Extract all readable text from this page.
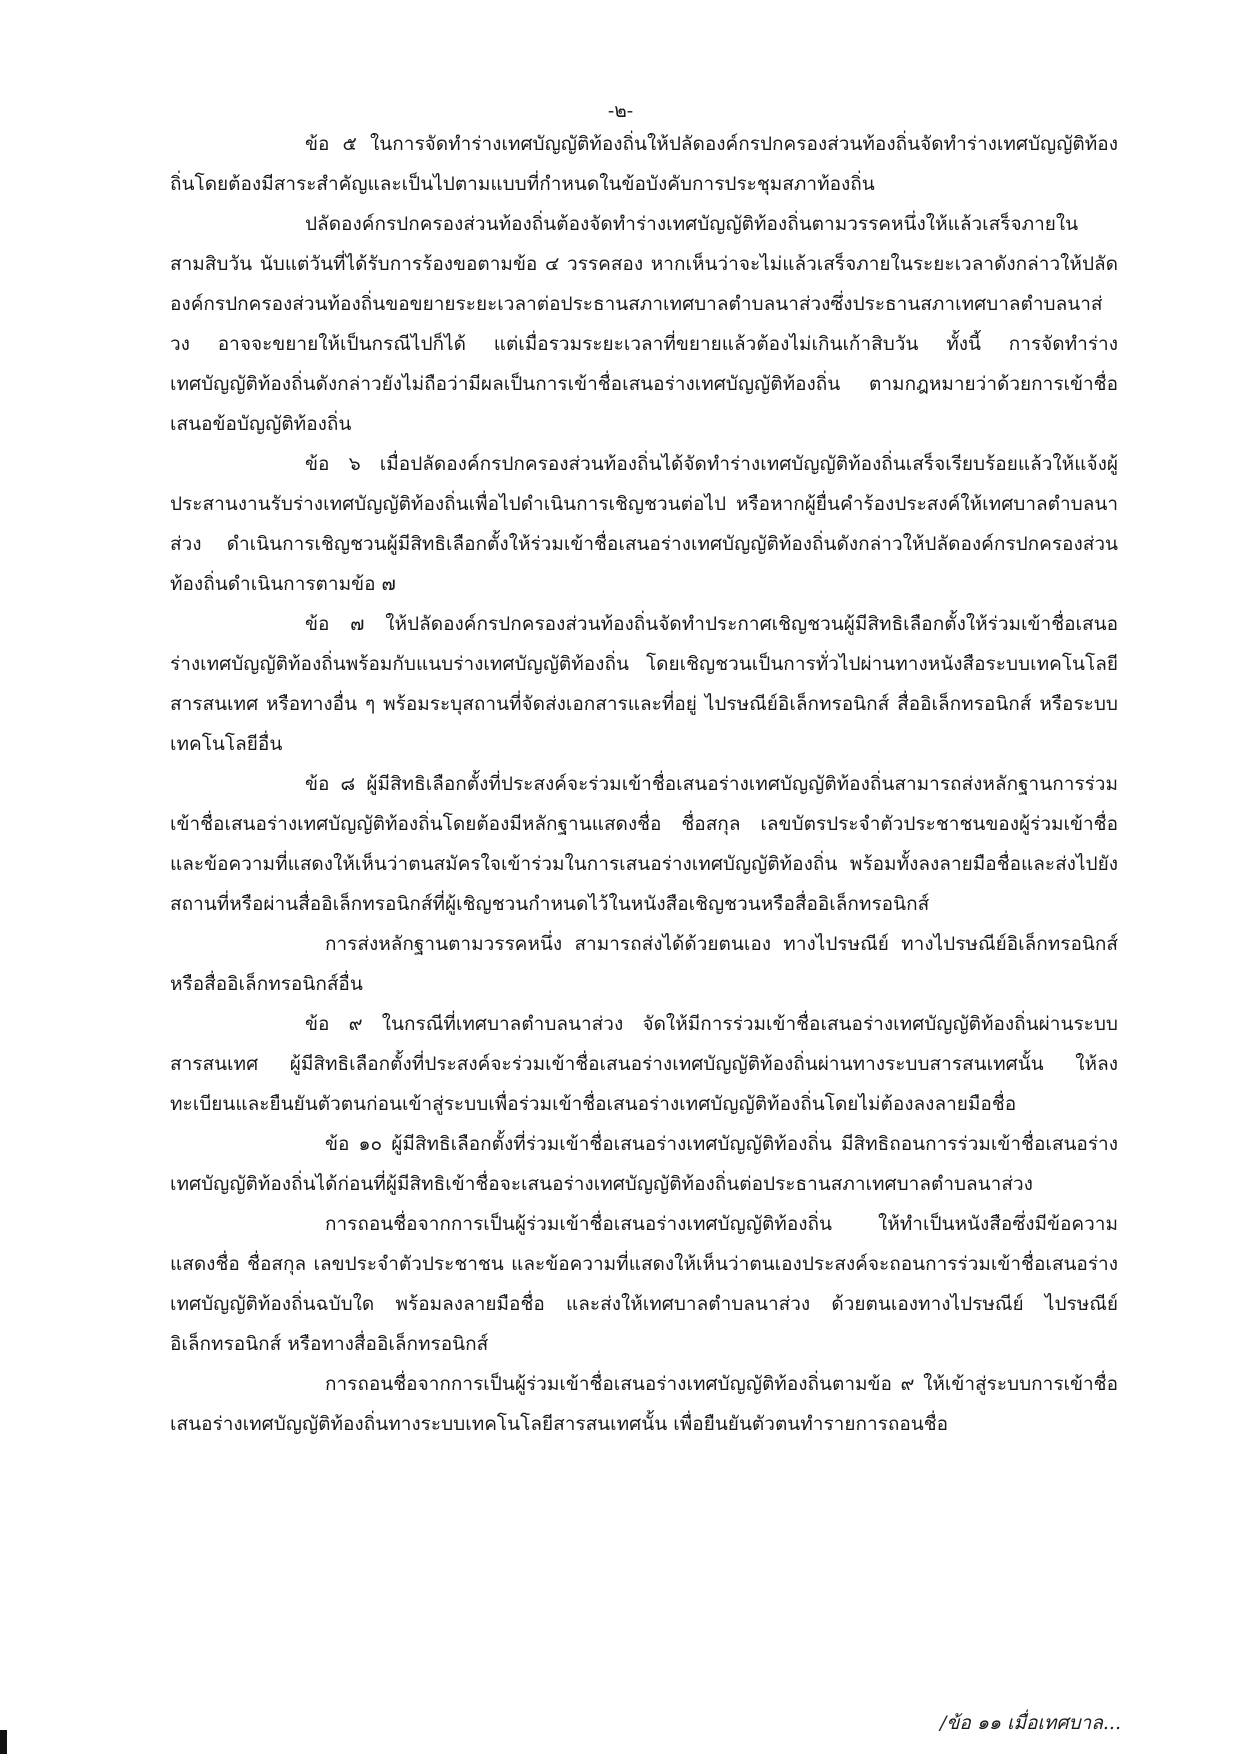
-๒-

ข้อ ๕ ในการจัดทำร่างเทศบัญญัติท้องถิ่นให้ปลัดองค์กรปกครองส่วนท้องถิ่นจัดทำร่างเทศบัญญัติท้องถิ่นโดยต้องมีสาระสำคัญและเป็นไปตามแบบที่กำหนดในข้อบังคับการประชุมสภาท้องถิ่น

ปลัดองค์กรปกครองส่วนท้องถิ่นต้องจัดทำร่างเทศบัญญัติท้องถิ่นตามวรรคหนึ่งให้แล้วเสร็จภายในสามสิบวัน นับแต่วันที่ได้รับการร้องขอตามข้อ ๔ วรรคสอง หากเห็นว่าจะไม่แล้วเสร็จภายในระยะเวลาดังกล่าวให้ปลัดองค์กรปกครองส่วนท้องถิ่นขอขยายระยะเวลาต่อประธานสภาเทศบาลตำบลนาส่วงซึ่งประธานสภาเทศบาลตำบลนาส่วง อาจจะขยายให้เป็นกรณีไปก็ได้ แต่เมื่อรวมระยะเวลาที่ขยายแล้วต้องไม่เกินเก้าสิบวัน ทั้งนี้ การจัดทำร่างเทศบัญญัติท้องถิ่นดังกล่าวยังไม่ถือว่ามีผลเป็นการเข้าชื่อเสนอร่างเทศบัญญัติท้องถิ่น ตามกฎหมายว่าด้วยการเข้าชื่อเสนอข้อบัญญัติท้องถิ่น

ข้อ ๖ เมื่อปลัดองค์กรปกครองส่วนท้องถิ่นได้จัดทำร่างเทศบัญญัติท้องถิ่นเสร็จเรียบร้อยแล้วให้แจ้งผู้ประสานงานรับร่างเทศบัญญัติท้องถิ่นเพื่อไปดำเนินการเชิญชวนต่อไป หรือหากผู้ยื่นคำร้องประสงค์ให้เทศบาลตำบลนาส่วง ดำเนินการเชิญชวนผู้มีสิทธิเลือกตั้งให้ร่วมเข้าชื่อเสนอร่างเทศบัญญัติท้องถิ่นดังกล่าวให้ปลัดองค์กรปกครองส่วนท้องถิ่นดำเนินการตามข้อ ๗

ข้อ ๗ ให้ปลัดองค์กรปกครองส่วนท้องถิ่นจัดทำประกาศเชิญชวนผู้มีสิทธิเลือกตั้งให้ร่วมเข้าชื่อเสนอร่างเทศบัญญัติท้องถิ่นพร้อมกับแนบร่างเทศบัญญัติท้องถิ่น โดยเชิญชวนเป็นการทั่วไปผ่านทางหนังสือระบบเทคโนโลยีสารสนเทศ หรือทางอื่น ๆ พร้อมระบุสถานที่จัดส่งเอกสารและที่อยู่ ไปรษณีย์อิเล็กทรอนิกส์ สื่ออิเล็กทรอนิกส์ หรือระบบเทคโนโลยีอื่น

ข้อ ๘ ผู้มีสิทธิเลือกตั้งที่ประสงค์จะร่วมเข้าชื่อเสนอร่างเทศบัญญัติท้องถิ่นสามารถส่งหลักฐานการร่วมเข้าชื่อเสนอร่างเทศบัญญัติท้องถิ่นโดยต้องมีหลักฐานแสดงชื่อ ชื่อสกุล เลขบัตรประจำตัวประชาชนของผู้ร่วมเข้าชื่อ และข้อความที่แสดงให้เห็นว่าตนสมัครใจเข้าร่วมในการเสนอร่างเทศบัญญัติท้องถิ่น พร้อมทั้งลงลายมือชื่อและส่งไปยังสถานที่หรือผ่านสื่ออิเล็กทรอนิกส์ที่ผู้เชิญชวนกำหนดไว้ในหนังสือเชิญชวนหรือสื่ออิเล็กทรอนิกส์

การส่งหลักฐานตามวรรคหนึ่ง สามารถส่งได้ด้วยตนเอง ทางไปรษณีย์ ทางไปรษณีย์อิเล็กทรอนิกส์ หรือสื่ออิเล็กทรอนิกส์อื่น

ข้อ ๙ ในกรณีที่เทศบาลตำบลนาส่วง จัดให้มีการร่วมเข้าชื่อเสนอร่างเทศบัญญัติท้องถิ่นผ่านระบบสารสนเทศ ผู้มีสิทธิเลือกตั้งที่ประสงค์จะร่วมเข้าชื่อเสนอร่างเทศบัญญัติท้องถิ่นผ่านทางระบบสารสนเทศนั้น ให้ลงทะเบียนและยืนยันตัวตนก่อนเข้าสู่ระบบเพื่อร่วมเข้าชื่อเสนอร่างเทศบัญญัติท้องถิ่นโดยไม่ต้องลงลายมือชื่อ

ข้อ ๑๐ ผู้มีสิทธิเลือกตั้งที่ร่วมเข้าชื่อเสนอร่างเทศบัญญัติท้องถิ่น มีสิทธิถอนการร่วมเข้าชื่อเสนอร่างเทศบัญญัติท้องถิ่นได้ก่อนที่ผู้มีสิทธิเข้าชื่อจะเสนอร่างเทศบัญญัติท้องถิ่นต่อประธานสภาเทศบาลตำบลนาส่วง

การถอนชื่อจากการเป็นผู้ร่วมเข้าชื่อเสนอร่างเทศบัญญัติท้องถิ่น ให้ทำเป็นหนังสือซึ่งมีข้อความแสดงชื่อ ชื่อสกุล เลขประจำตัวประชาชน และข้อความที่แสดงให้เห็นว่าตนเองประสงค์จะถอนการร่วมเข้าชื่อเสนอร่างเทศบัญญัติท้องถิ่นฉบับใด พร้อมลงลายมือชื่อ และส่งให้เทศบาลตำบลนาส่วง ด้วยตนเองทางไปรษณีย์ ไปรษณีย์อิเล็กทรอนิกส์ หรือทางสื่ออิเล็กทรอนิกส์

การถอนชื่อจากการเป็นผู้ร่วมเข้าชื่อเสนอร่างเทศบัญญัติท้องถิ่นตามข้อ ๙ ให้เข้าสู่ระบบการเข้าชื่อเสนอร่างเทศบัญญัติท้องถิ่นทางระบบเทคโนโลยีสารสนเทศนั้น เพื่อยืนยันตัวตนทำรายการถอนชื่อ

/ข้อ ๑๑ เมื่อเทศบาล...
